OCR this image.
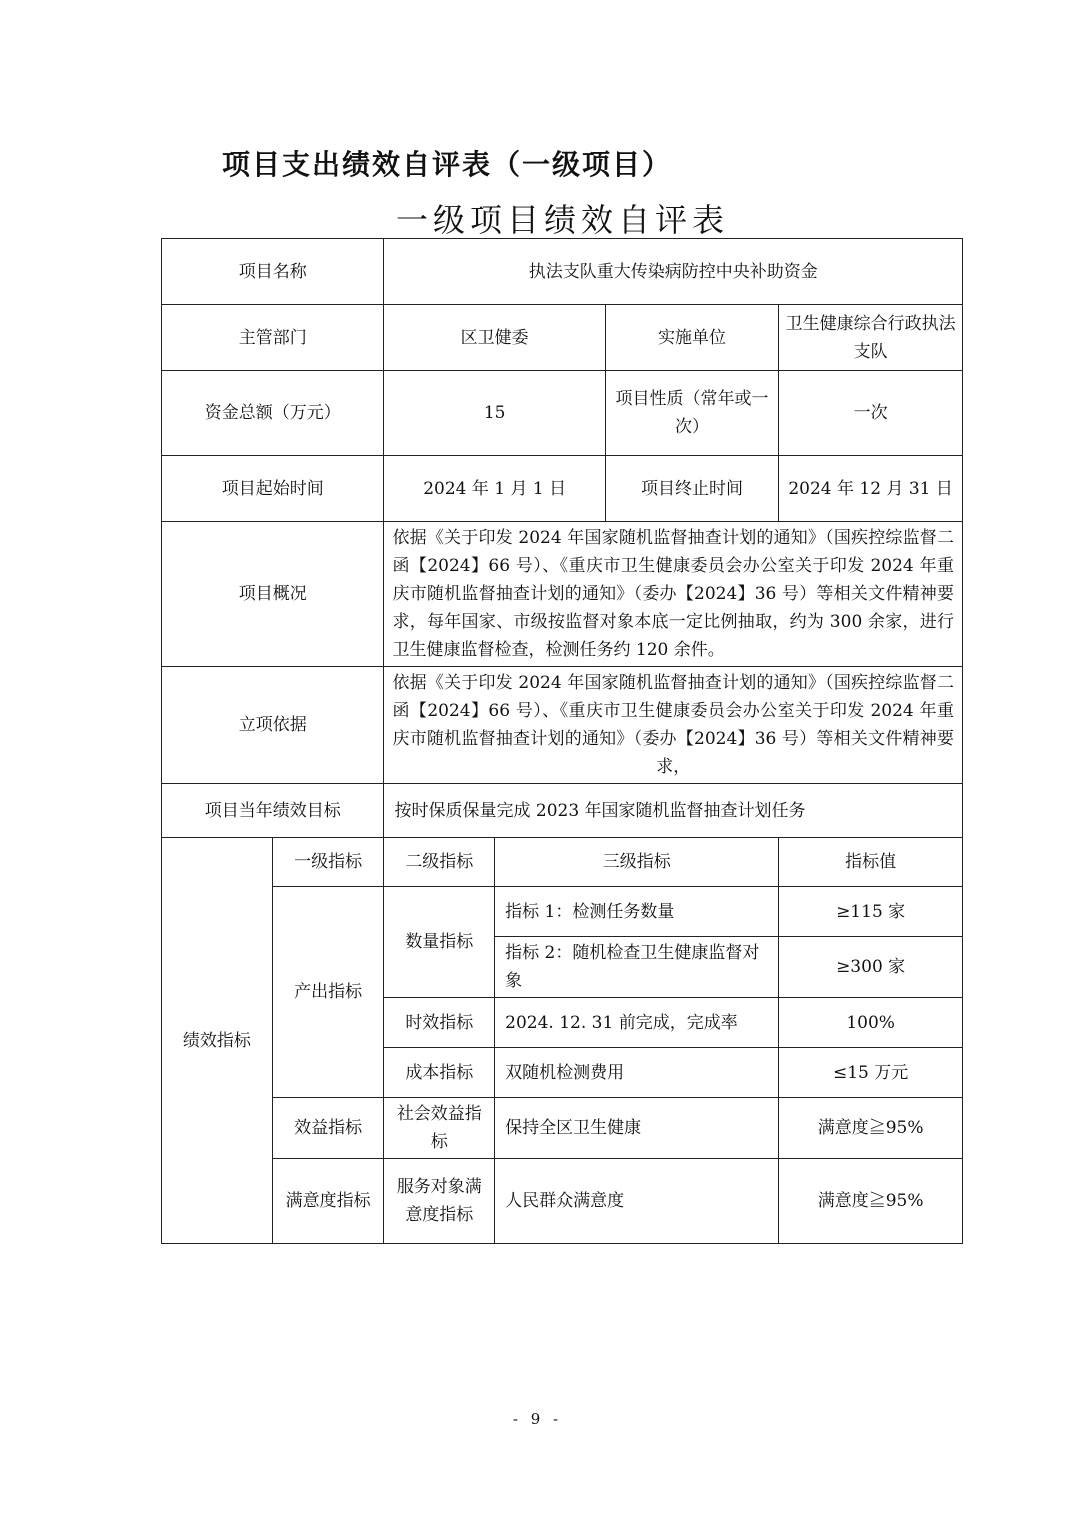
项目支出绩效自评表（一级项目）
一级项目绩效自评表
项目名称		执法支队重大传染病防控中央补助资金			
主管部门		区卫健委		实施单位	卫生健康综合行政执法支队
资金总额（万元）		15		项目性质（常年或一次）	一次
项目起始时间		2024 年 1 月 1 日		项目终止时间	2024 年 12 月 31 日
项目概况		依据《关于印发 2024 年国家随机监督抽查计划的通知》（国疾控综监督二函【2024】66 号）、《重庆市卫生健康委员会办公室关于印发 2024 年重庆市随机监督抽查计划的通知》（委办【2024】36 号）等相关文件精神要求，每年国家、市级按监督对象本底一定比例抽取，约为 300 余家，进行卫生健康监督检查，检测任务约 120 余件。			
立项依据		依据《关于印发 2024 年国家随机监督抽查计划的通知》（国疾控综监督二函【2024】66 号）、《重庆市卫生健康委员会办公室关于印发 2024 年重庆市随机监督抽查计划的通知》（委办【2024】36 号）等相关文件精神要求，			
项目当年绩效目标		按时保质保量完成 2023 年国家随机监督抽查计划任务			
绩效指标	一级指标	二级指标	三级指标		指标值
	产出指标	数量指标	指标 1：检测任务数量		≥115 家
			指标 2：随机检查卫生健康监督对象		≥300 家
		时效指标	2024. 12. 31 前完成，完成率		100%
		成本指标	双随机检测费用		≤15 万元
	效益指标	社会效益指标	保持全区卫生健康		满意度≧95%
	满意度指标	服务对象满意度指标	人民群众满意度		满意度≧95%
- 9 -
